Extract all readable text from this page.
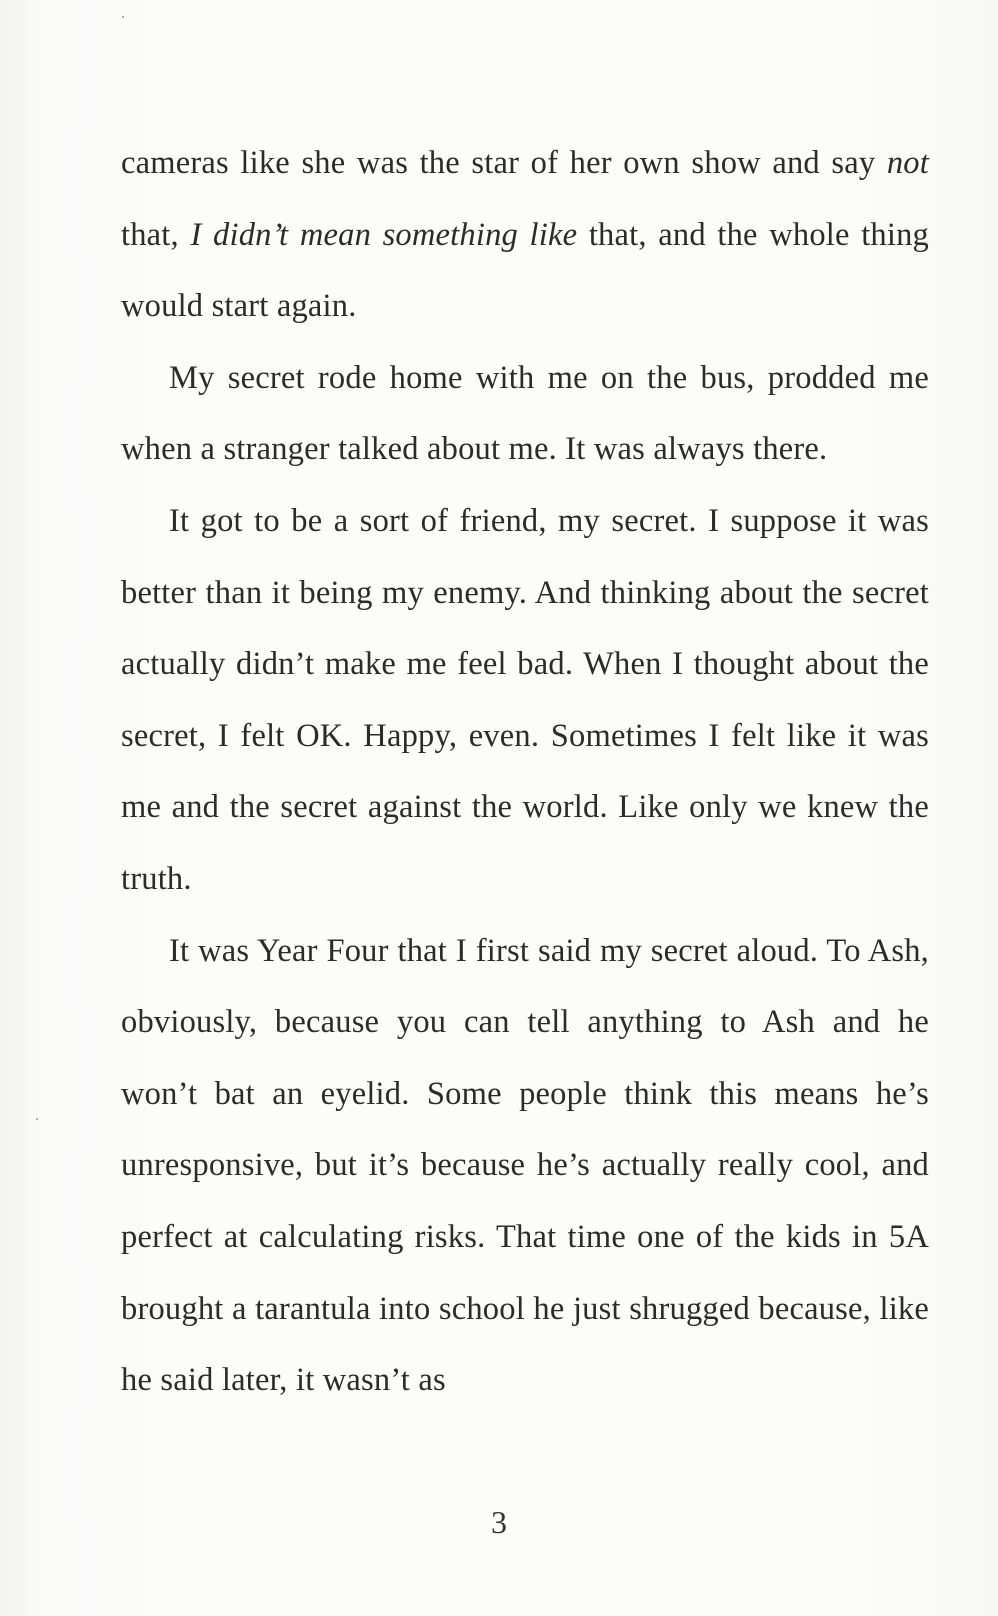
cameras like she was the star of her own show and say not that, I didn’t mean something like that, and the whole thing would start again.

My secret rode home with me on the bus, prodded me when a stranger talked about me. It was always there.

It got to be a sort of friend, my secret. I suppose it was better than it being my enemy. And thinking about the secret actually didn’t make me feel bad. When I thought about the secret, I felt OK. Happy, even. Sometimes I felt like it was me and the secret against the world. Like only we knew the truth.

It was Year Four that I first said my secret aloud. To Ash, obviously, because you can tell anything to Ash and he won’t bat an eyelid. Some people think this means he’s unresponsive, but it’s because he’s actually really cool, and perfect at calculating risks. That time one of the kids in 5A brought a tarantula into school he just shrugged because, like he said later, it wasn’t as

3
